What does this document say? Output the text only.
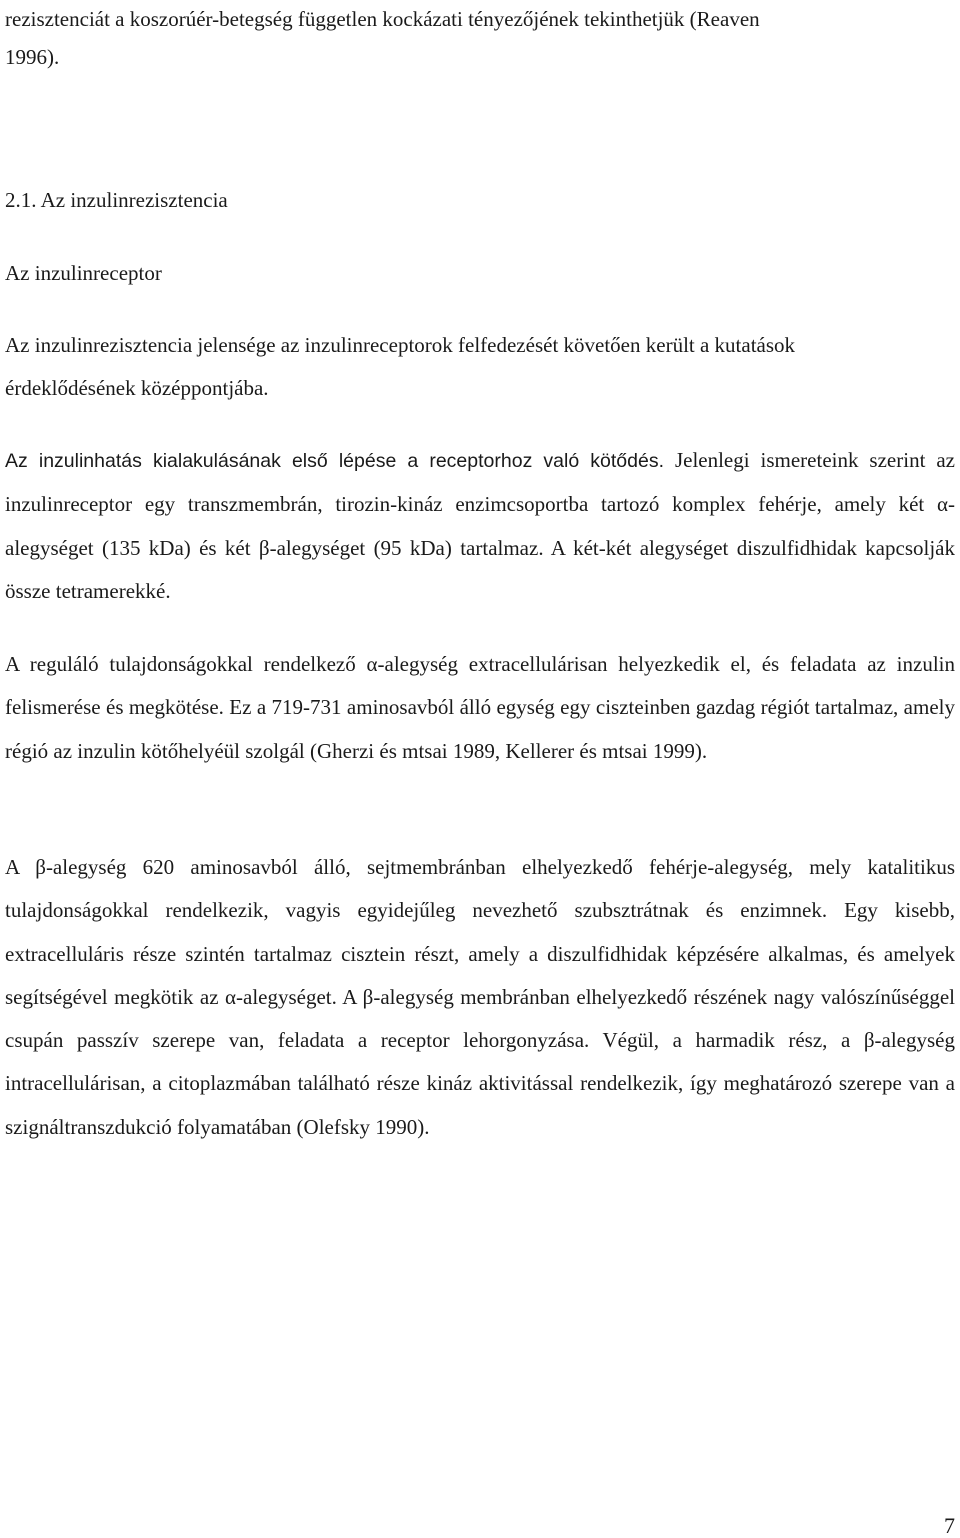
rezisztenciát a koszorúér-betegség független kockázati tényezőjének tekinthetjük (Reaven
1996).
2.1. Az inzulinrezisztencia
Az inzulinreceptor
Az inzulinrezisztencia jelensége az inzulinreceptorok felfedezését követően került a kutatások
érdeklődésének középpontjába.

Az inzulinhatás kialakulásának első lépése a receptorhoz való kötődés. Jelenlegi ismereteink szerint az inzulinreceptor egy transzmembrán, tirozin-kináz enzimcsoportba tartozó komplex fehérje, amely két α-alegységet (135 kDa) és két β-alegységet (95 kDa) tartalmaz. A két-két alegységet diszulfidhidak kapcsolják össze tetramerekké.

A reguláló tulajdonságokkal rendelkező α-alegység extracellulárisan helyezkedik el, és feladata az inzulin felismerése és megkötése. Ez a 719-731 aminosavból álló egység egy ciszteinben gazdag régiót tartalmaz, amely régió az inzulin kötőhelyéül szolgál (Gherzi és mtsai 1989, Kellerer és mtsai 1999).

A β-alegység 620 aminosavból álló, sejtmembránban elhelyezkedő fehérje-alegység, mely katalitikus tulajdonságokkal rendelkezik, vagyis egyidejűleg nevezhető szubsztrátnak és enzimnek. Egy kisebb, extracelluláris része szintén tartalmaz cisztein részt, amely a diszulfidhidak képzésére alkalmas, és amelyek segítségével megkötik az α-alegységet. A β-alegység membránban elhelyezkedő részének nagy valószínűséggel csupán passzív szerepe van, feladata a receptor lehorgonyzása. Végül, a harmadik rész, a β-alegység intracellulárisan, a citoplazmában található része kináz aktivitással rendelkezik, így meghatározó szerepe van a szignáltranszdukció folyamatában (Olefsky 1990).

7
